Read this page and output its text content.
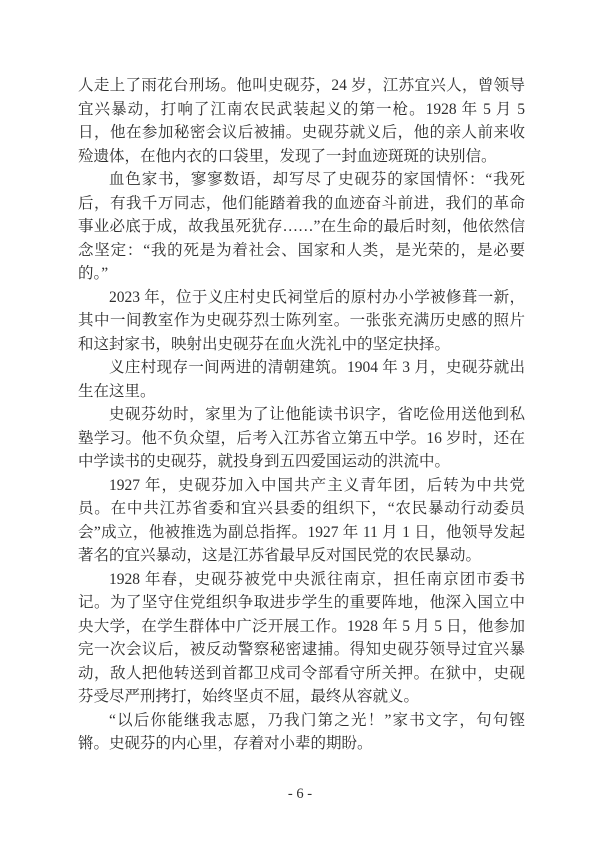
人走上了雨花台刑场。他叫史砚芬，24 岁，江苏宜兴人，曾领导宜兴暴动，打响了江南农民武装起义的第一枪。1928 年 5 月 5 日，他在参加秘密会议后被捕。史砚芬就义后，他的亲人前来收殓遗体，在他内衣的口袋里，发现了一封血迹斑斑的诀别信。

血色家书，寥寥数语，却写尽了史砚芬的家国情怀：“我死后，有我千万同志，他们能踏着我的血迹奋斗前进，我们的革命事业必底于成，故我虽死犹存……”在生命的最后时刻，他依然信念坚定：“我的死是为着社会、国家和人类，是光荣的，是必要的。”

2023 年，位于义庄村史氏祠堂后的原村办小学被修葺一新，其中一间教室作为史砚芬烈士陈列室。一张张充满历史感的照片和这封家书，映射出史砚芬在血火洗礼中的坚定抉择。

义庄村现存一间两进的清朝建筑。1904 年 3 月，史砚芬就出生在这里。

史砚芬幼时，家里为了让他能读书识字，省吃俭用送他到私塾学习。他不负众望，后考入江苏省立第五中学。16 岁时，还在中学读书的史砚芬，就投身到五四爱国运动的洪流中。

1927 年，史砚芬加入中国共产主义青年团，后转为中共党员。在中共江苏省委和宜兴县委的组织下，“农民暴动行动委员会”成立，他被推选为副总指挥。1927 年 11 月 1 日，他领导发起著名的宜兴暴动，这是江苏省最早反对国民党的农民暴动。

1928 年春，史砚芬被党中央派往南京，担任南京团市委书记。为了坚守住党组织争取进步学生的重要阵地，他深入国立中央大学，在学生群体中广泛开展工作。1928 年 5 月 5 日，他参加完一次会议后，被反动警察秘密逮捕。得知史砚芬领导过宜兴暴动，敌人把他转送到首都卫戍司令部看守所关押。在狱中，史砚芬受尽严刑拷打，始终坚贞不屈，最终从容就义。

“以后你能继我志愿，乃我门第之光！”家书文字，句句铿锵。史砚芬的内心里，存着对小辈的期盼。

- 6 -
